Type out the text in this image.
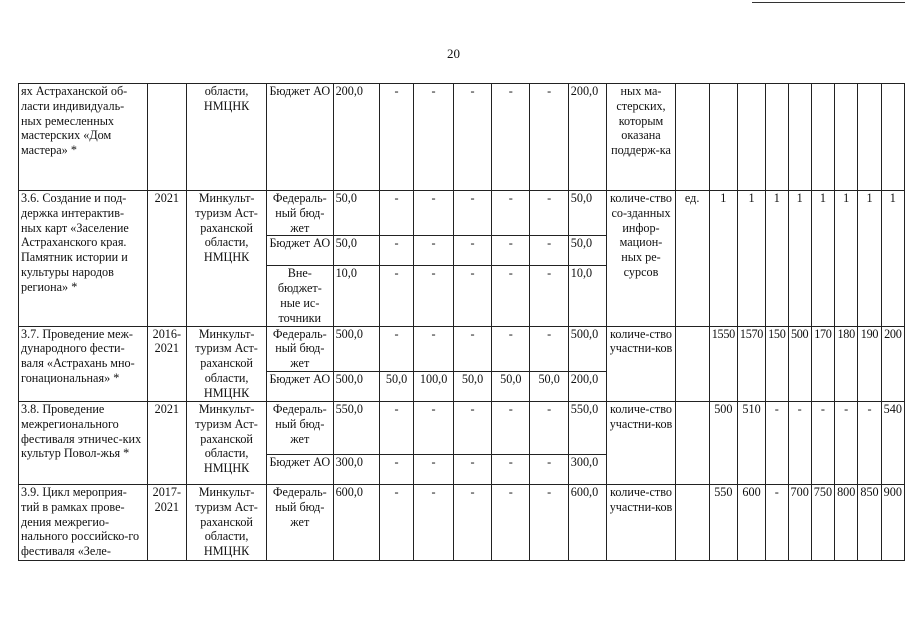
20
ях Астраханской об-ласти индивидуаль-ных ремесленных мастерских «Дом мастера» *		области, НМЦНК	Бюджет АО	200,0	-	-	-	-	-	200,0	ных ма-стерских, которым оказана поддерж-ка									
3.6. Создание и под-держка интерактив-ных карт «Заселение Астраханского края. Памятник истории и культуры народов региона» *	2021	Минкульт-туризм Аст-раханской области, НМЦНК	Федераль-ный бюд-жет	50,0	-	-	-	-	-	50,0	количе-ство со-зданных инфор-мацион-ных ре-сурсов	ед.	1	1	1	1	1	1	1	1
			Бюджет АО	50,0	-	-	-	-	-	50,0										
			Вне-бюджет-ные ис-точники	10,0	-	-	-	-	-	10,0										
3.7. Проведение меж-дународного фести-валя «Астрахань мно-гонациональная» *	2016-2021	Минкульт-туризм Аст-раханской области, НМЦНК	Федераль-ный бюд-жет	500,0	-	-	-	-	-	500,0	количе-ство участни-ков		1550	1570	150	500	170	180	190	200
			Бюджет АО	500,0	50,0	100,0	50,0	50,0	50,0	200,0										
3.8. Проведение межрегионального фестиваля этничес-ких культур Повол-жья *	2021	Минкульт-туризм Аст-раханской области, НМЦНК	Федераль-ный бюд-жет	550,0	-	-	-	-	-	550,0	количе-ство участни-ков		500	510	-	-	-	-	-	540
			Бюджет АО	300,0	-	-	-	-	-	300,0										
3.9. Цикл мероприя-тий в рамках прове-дения межрегио-нального российско-го фестиваля «Зеле-	2017-2021	Минкульт-туризм Аст-раханской области, НМЦНК	Федераль-ный бюд-жет	600,0	-	-	-	-	-	600,0	количе-ство участни-ков		550	600	-	700	750	800	850	900
